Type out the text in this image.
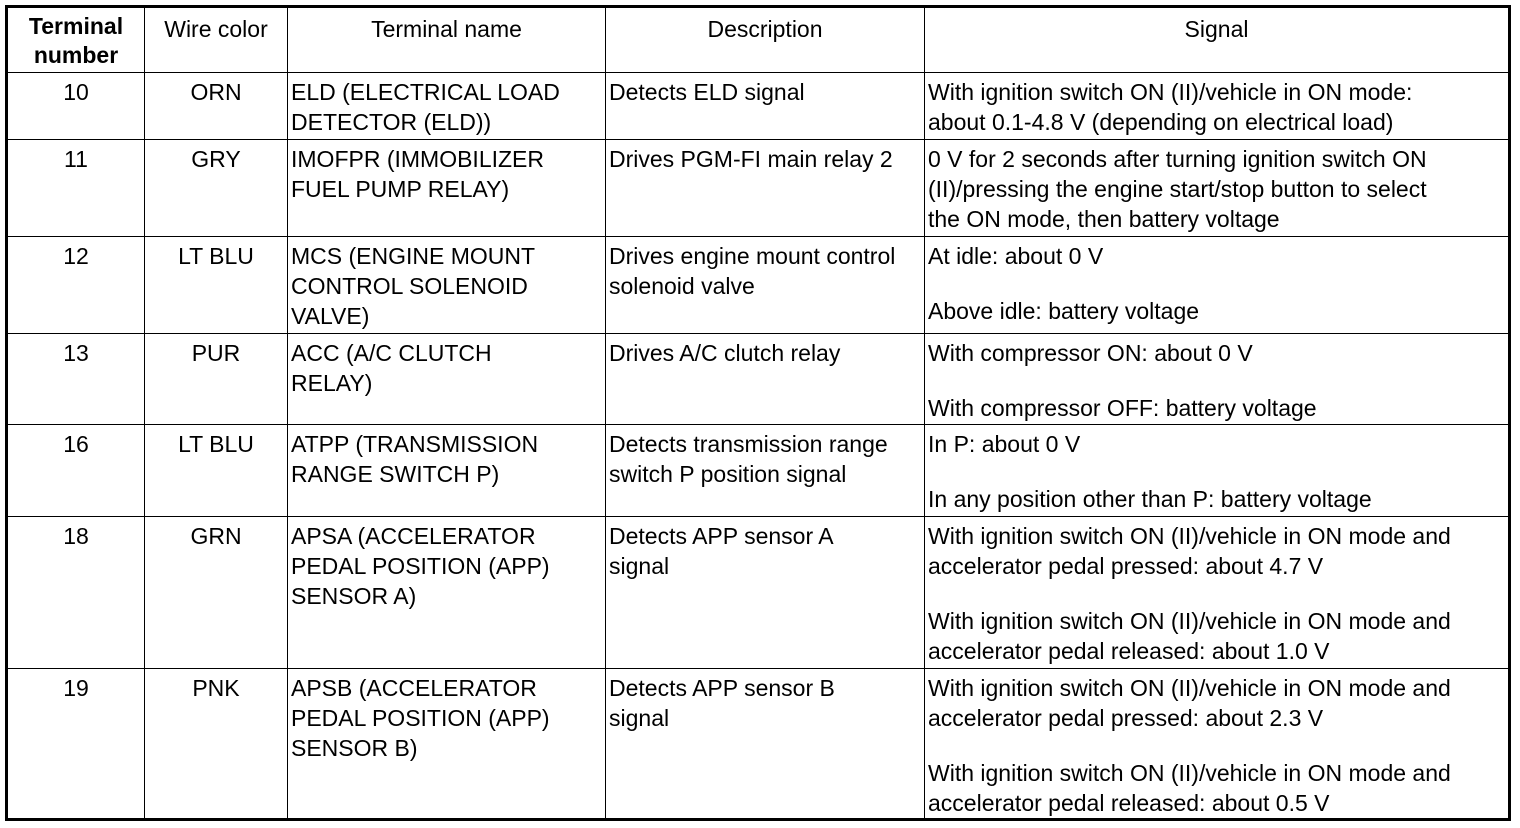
Terminal
number	Wire color	Terminal name	Description	Signal
10	ORN	ELD (ELECTRICAL LOAD
DETECTOR (ELD))	Detects ELD signal	With ignition switch ON (II)/vehicle in ON mode:
about 0.1-4.8 V (depending on electrical load)

11	GRY	IMOFPR (IMMOBILIZER
FUEL PUMP RELAY)	Drives PGM-FI main relay 2	0 V for 2 seconds after turning ignition switch ON
(II)/pressing the engine start/stop button to select
the ON mode, then battery voltage

12	LT BLU	MCS (ENGINE MOUNT
CONTROL SOLENOID
VALVE)	Drives engine mount control
solenoid valve	At idle: about 0 V
Above idle: battery voltage

13	PUR	ACC (A/C CLUTCH
RELAY)	Drives A/C clutch relay	With compressor ON: about 0 V
With compressor OFF: battery voltage

16	LT BLU	ATPP (TRANSMISSION
RANGE SWITCH P)	Detects transmission range
switch P position signal	In P: about 0 V
In any position other than P: battery voltage

18	GRN	APSA (ACCELERATOR
PEDAL POSITION (APP)
SENSOR A)	Detects APP sensor A
signal	With ignition switch ON (II)/vehicle in ON mode and
accelerator pedal pressed: about 4.7 V
With ignition switch ON (II)/vehicle in ON mode and
accelerator pedal released: about 1.0 V

19	PNK	APSB (ACCELERATOR
PEDAL POSITION (APP)
SENSOR B)	Detects APP sensor B
signal	With ignition switch ON (II)/vehicle in ON mode and
accelerator pedal pressed: about 2.3 V
With ignition switch ON (II)/vehicle in ON mode and
accelerator pedal released: about 0.5 V
